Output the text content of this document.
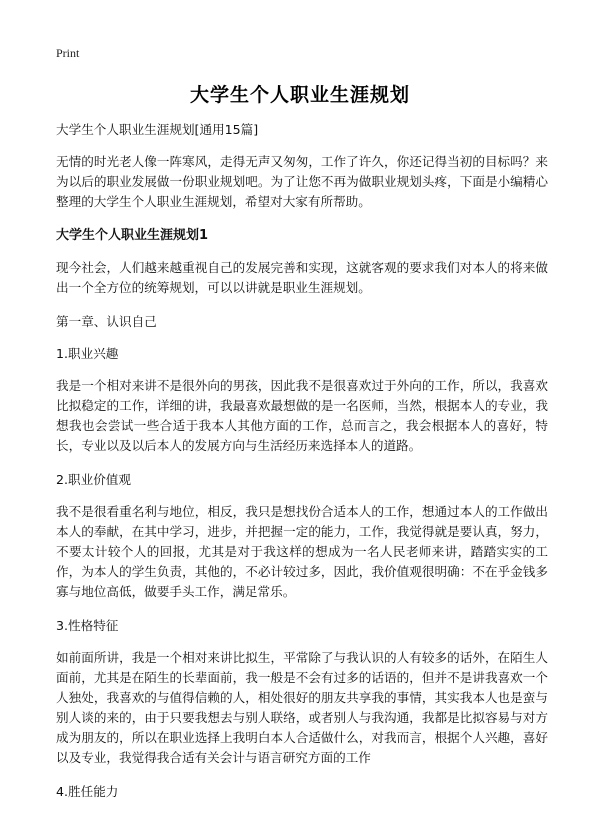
Print
大学生个人职业生涯规划
大学生个人职业生涯规划[通用15篇]
无情的时光老人像一阵寒风，走得无声又匆匆，工作了许久，你还记得当初的目标吗？来为以后的职业发展做一份职业规划吧。为了让您不再为做职业规划头疼，下面是小编精心整理的大学生个人职业生涯规划，希望对大家有所帮助。
大学生个人职业生涯规划1
现今社会，人们越来越重视自己的发展完善和实现，这就客观的要求我们对本人的将来做出一个全方位的统筹规划，可以以讲就是职业生涯规划。
第一章、认识自己
1.职业兴趣
我是一个相对来讲不是很外向的男孩，因此我不是很喜欢过于外向的工作，所以，我喜欢比拟稳定的工作，详细的讲，我最喜欢最想做的是一名医师，当然，根据本人的专业，我想我也会尝试一些合适于我本人其他方面的工作，总而言之，我会根据本人的喜好，特长，专业以及以后本人的发展方向与生活经历来选择本人的道路。
2.职业价值观
我不是很看重名利与地位，相反，我只是想找份合适本人的工作，想通过本人的工作做出本人的奉献，在其中学习，进步，并把握一定的能力，工作，我觉得就是要认真，努力，不要太计较个人的回报，尤其是对于我这样的想成为一名人民老师来讲，踏踏实实的工作，为本人的学生负责，其他的，不必计较过多，因此，我价值观很明确：不在乎金钱多寡与地位高低，做要手头工作，满足常乐。
3.性格特征
如前面所讲，我是一个相对来讲比拟生，平常除了与我认识的人有较多的话外，在陌生人面前，尤其是在陌生的长辈面前，我一般是不会有过多的话语的，但并不是讲我喜欢一个人独处，我喜欢的与值得信赖的人，相处很好的朋友共享我的事情，其实我本人也是蛮与别人谈的来的，由于只要我想去与别人联络，或者别人与我沟通，我都是比拟容易与对方成为朋友的，所以在职业选择上我明白本人合适做什么，对我而言，根据个人兴趣，喜好以及专业，我觉得我合适有关会计与语言研究方面的工作
4.胜任能力
